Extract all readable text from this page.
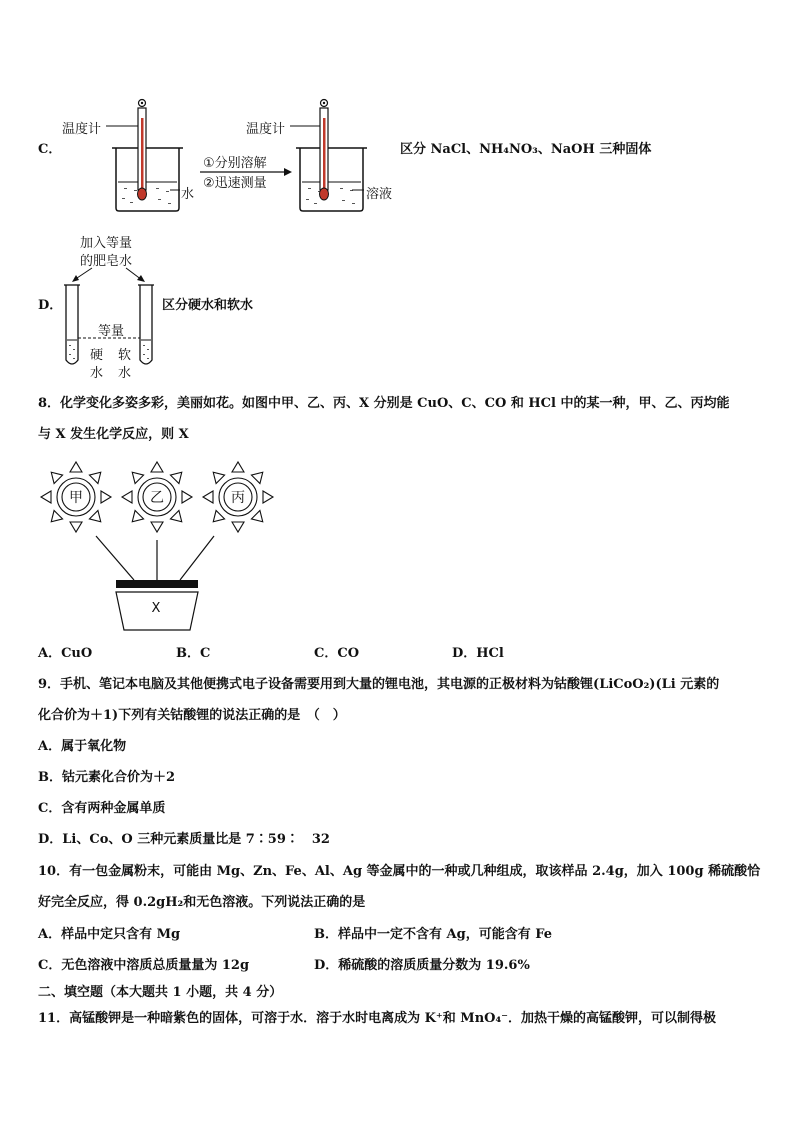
C．
温度计
水
①分别溶解
②迅速测量
温度计
溶液
区分 NaCl、NH₄NO₃、NaOH 三种固体
D．
加入等量
的肥皂水
等量
硬
水
软
水
区分硬水和软水
8．化学变化多姿多彩，美丽如花。如图中甲、乙、丙、X 分别是 CuO、C、CO 和 HCl 中的某一种，甲、乙、丙均能
与 X 发生化学反应，则 X
X
甲	乙	丙
A．CuO	B．C	C．CO	D．HCl
9．手机、笔记本电脑及其他便携式电子设备需要用到大量的锂电池，其电源的正极材料为钴酸锂(LiCoO₂)(Li 元素的
化合价为＋1)下列有关钴酸锂的说法正确的是　（　）
A．属于氧化物
B．钴元素化合价为＋2
C．含有两种金属单质
D．Li、Co、O 三种元素质量比是 7∶59∶　32
10．有一包金属粉末，可能由 Mg、Zn、Fe、Al、Ag 等金属中的一种或几种组成，取该样品 2.4g，加入 100g 稀硫酸恰
好完全反应，得 0.2gH₂和无色溶液。下列说法正确的是
A．样品中定只含有 Mg	B．样品中一定不含有 Ag，可能含有 Fe
C．无色溶液中溶质总质量量为 12g	D．稀硫酸的溶质质量分数为 19.6%
二、填空题（本大题共 1 小题，共 4 分）
11．高锰酸钾是一种暗紫色的固体，可溶于水．溶于水时电离成为 K⁺和 MnO₄⁻．加热干燥的高锰酸钾，可以制得极
